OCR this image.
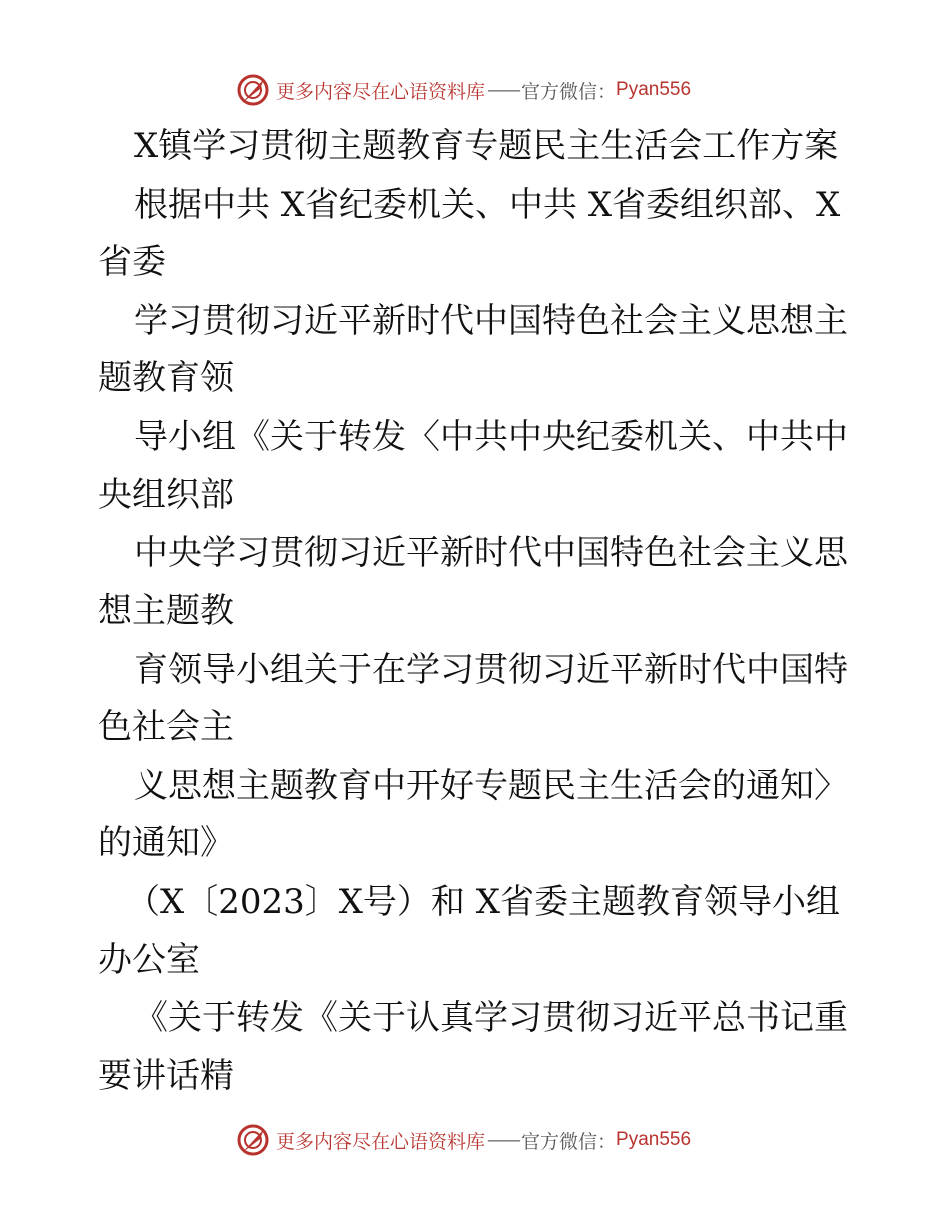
更多内容尽在心语资料库 —— 官方微信： Pyan556
X镇学习贯彻主题教育专题民主生活会工作方案
根据中共 X省纪委机关、中共 X省委组织部、X
省委
学习贯彻习近平新时代中国特色社会主义思想主
题教育领
导小组《关于转发〈中共中央纪委机关、中共中
央组织部
中央学习贯彻习近平新时代中国特色社会主义思
想主题教
育领导小组关于在学习贯彻习近平新时代中国特
色社会主
义思想主题教育中开好专题民主生活会的通知〉
的通知》
（X〔2023〕X号）和 X省委主题教育领导小组
办公室
《关于转发《关于认真学习贯彻习近平总书记重
要讲话精
更多内容尽在心语资料库 —— 官方微信： Pyan556
